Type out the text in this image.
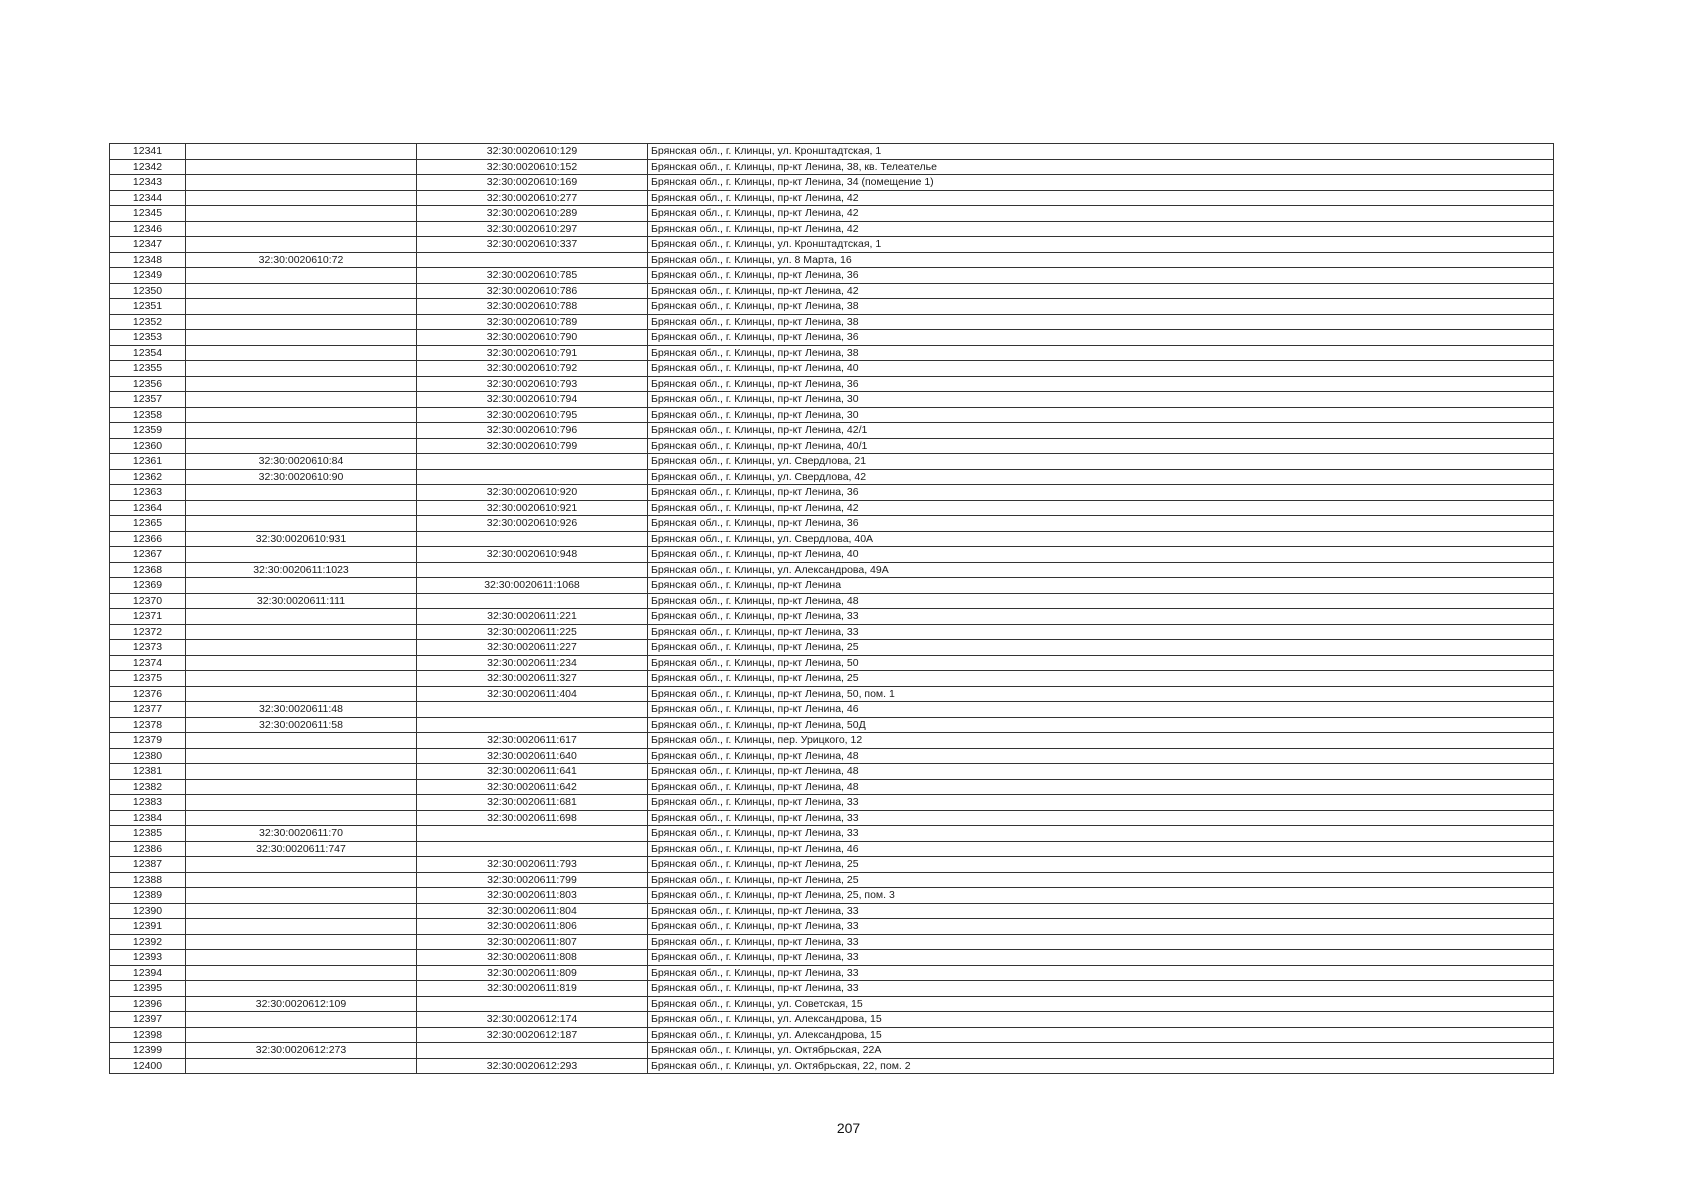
12341		32:30:0020610:129	Брянская обл., г. Клинцы, ул. Кронштадтская, 1
12342		32:30:0020610:152	Брянская обл., г. Клинцы, пр-кт Ленина, 38, кв. Телеателье
12343		32:30:0020610:169	Брянская обл., г. Клинцы, пр-кт Ленина, 34 (помещение 1)
12344		32:30:0020610:277	Брянская обл., г. Клинцы, пр-кт Ленина, 42
12345		32:30:0020610:289	Брянская обл., г. Клинцы, пр-кт Ленина, 42
12346		32:30:0020610:297	Брянская обл., г. Клинцы, пр-кт Ленина, 42
12347		32:30:0020610:337	Брянская обл., г. Клинцы, ул. Кронштадтская, 1
12348	32:30:0020610:72		Брянская обл., г. Клинцы, ул. 8 Марта, 16
12349		32:30:0020610:785	Брянская обл., г. Клинцы, пр-кт Ленина, 36
12350		32:30:0020610:786	Брянская обл., г. Клинцы, пр-кт Ленина, 42
12351		32:30:0020610:788	Брянская обл., г. Клинцы, пр-кт Ленина, 38
12352		32:30:0020610:789	Брянская обл., г. Клинцы, пр-кт Ленина, 38
12353		32:30:0020610:790	Брянская обл., г. Клинцы, пр-кт Ленина, 36
12354		32:30:0020610:791	Брянская обл., г. Клинцы, пр-кт Ленина, 38
12355		32:30:0020610:792	Брянская обл., г. Клинцы, пр-кт Ленина, 40
12356		32:30:0020610:793	Брянская обл., г. Клинцы, пр-кт Ленина, 36
12357		32:30:0020610:794	Брянская обл., г. Клинцы, пр-кт Ленина, 30
12358		32:30:0020610:795	Брянская обл., г. Клинцы, пр-кт Ленина, 30
12359		32:30:0020610:796	Брянская обл., г. Клинцы, пр-кт Ленина, 42/1
12360		32:30:0020610:799	Брянская обл., г. Клинцы, пр-кт Ленина, 40/1
12361	32:30:0020610:84		Брянская обл., г. Клинцы, ул. Свердлова, 21
12362	32:30:0020610:90		Брянская обл., г. Клинцы, ул. Свердлова, 42
12363		32:30:0020610:920	Брянская обл., г. Клинцы, пр-кт Ленина, 36
12364		32:30:0020610:921	Брянская обл., г. Клинцы, пр-кт Ленина, 42
12365		32:30:0020610:926	Брянская обл., г. Клинцы, пр-кт Ленина, 36
12366	32:30:0020610:931		Брянская обл., г. Клинцы, ул. Свердлова, 40А
12367		32:30:0020610:948	Брянская обл., г. Клинцы, пр-кт Ленина, 40
12368	32:30:0020611:1023		Брянская обл., г. Клинцы, ул. Александрова, 49А
12369		32:30:0020611:1068	Брянская обл., г. Клинцы, пр-кт Ленина
12370	32:30:0020611:111		Брянская обл., г. Клинцы, пр-кт Ленина, 48
12371		32:30:0020611:221	Брянская обл., г. Клинцы, пр-кт Ленина, 33
12372		32:30:0020611:225	Брянская обл., г. Клинцы, пр-кт Ленина, 33
12373		32:30:0020611:227	Брянская обл., г. Клинцы, пр-кт Ленина, 25
12374		32:30:0020611:234	Брянская обл., г. Клинцы, пр-кт Ленина, 50
12375		32:30:0020611:327	Брянская обл., г. Клинцы, пр-кт Ленина, 25
12376		32:30:0020611:404	Брянская обл., г. Клинцы, пр-кт Ленина, 50, пом. 1
12377	32:30:0020611:48		Брянская обл., г. Клинцы, пр-кт Ленина, 46
12378	32:30:0020611:58		Брянская обл., г. Клинцы, пр-кт Ленина, 50Д
12379		32:30:0020611:617	Брянская обл., г. Клинцы, пер. Урицкого, 12
12380		32:30:0020611:640	Брянская обл., г. Клинцы, пр-кт Ленина, 48
12381		32:30:0020611:641	Брянская обл., г. Клинцы, пр-кт Ленина, 48
12382		32:30:0020611:642	Брянская обл., г. Клинцы, пр-кт Ленина, 48
12383		32:30:0020611:681	Брянская обл., г. Клинцы, пр-кт Ленина, 33
12384		32:30:0020611:698	Брянская обл., г. Клинцы, пр-кт Ленина, 33
12385	32:30:0020611:70		Брянская обл., г. Клинцы, пр-кт Ленина, 33
12386	32:30:0020611:747		Брянская обл., г. Клинцы, пр-кт Ленина, 46
12387		32:30:0020611:793	Брянская обл., г. Клинцы, пр-кт Ленина, 25
12388		32:30:0020611:799	Брянская обл., г. Клинцы, пр-кт Ленина, 25
12389		32:30:0020611:803	Брянская обл., г. Клинцы, пр-кт Ленина, 25, пом. 3
12390		32:30:0020611:804	Брянская обл., г. Клинцы, пр-кт Ленина, 33
12391		32:30:0020611:806	Брянская обл., г. Клинцы, пр-кт Ленина, 33
12392		32:30:0020611:807	Брянская обл., г. Клинцы, пр-кт Ленина, 33
12393		32:30:0020611:808	Брянская обл., г. Клинцы, пр-кт Ленина, 33
12394		32:30:0020611:809	Брянская обл., г. Клинцы, пр-кт Ленина, 33
12395		32:30:0020611:819	Брянская обл., г. Клинцы, пр-кт Ленина, 33
12396	32:30:0020612:109		Брянская обл., г. Клинцы, ул. Советская, 15
12397		32:30:0020612:174	Брянская обл., г. Клинцы, ул. Александрова, 15
12398		32:30:0020612:187	Брянская обл., г. Клинцы, ул. Александрова, 15
12399	32:30:0020612:273		Брянская обл., г. Клинцы, ул. Октябрьская, 22А
12400		32:30:0020612:293	Брянская обл., г. Клинцы, ул. Октябрьская, 22, пом. 2
207
